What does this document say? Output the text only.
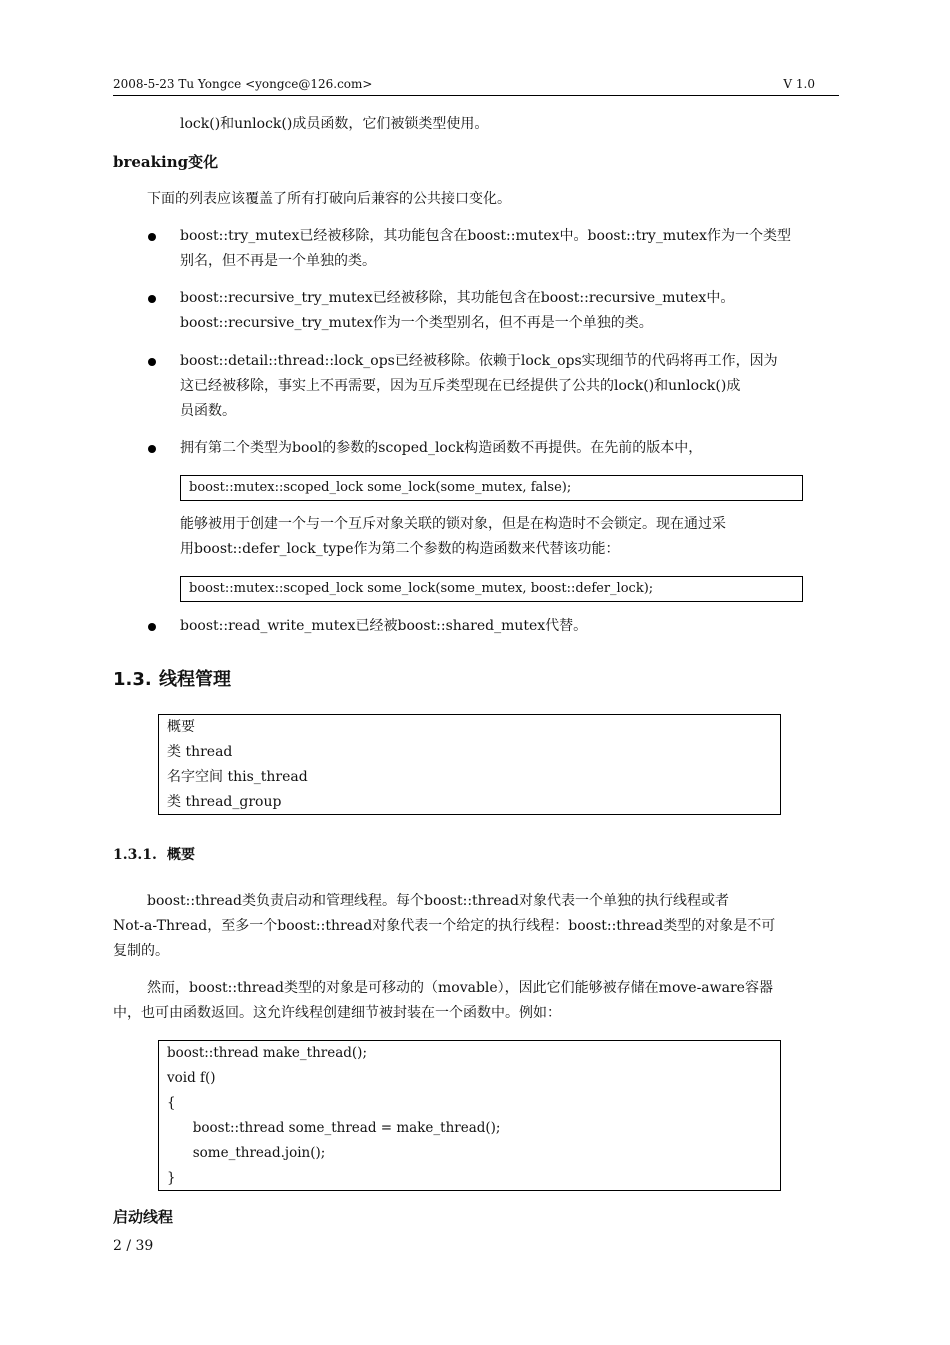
2008-5-23 Tu Yongce <yongce@126.com>	V 1.0
lock()和unlock()成员函数，它们被锁类型使用。
breaking变化
下面的列表应该覆盖了所有打破向后兼容的公共接口变化。
boost::try_mutex已经被移除，其功能包含在boost::mutex中。boost::try_mutex作为一个类型
别名，但不再是一个单独的类。
boost::recursive_try_mutex已经被移除，其功能包含在boost::recursive_mutex中。
boost::recursive_try_mutex作为一个类型别名，但不再是一个单独的类。
boost::detail::thread::lock_ops已经被移除。依赖于lock_ops实现细节的代码将再工作，因为
这已经被移除，事实上不再需要，因为互斥类型现在已经提供了公共的lock()和unlock()成
员函数。
拥有第二个类型为bool的参数的scoped_lock构造函数不再提供。在先前的版本中，
boost::mutex::scoped_lock some_lock(some_mutex, false);
能够被用于创建一个与一个互斥对象关联的锁对象，但是在构造时不会锁定。现在通过采
用boost::defer_lock_type作为第二个参数的构造函数来代替该功能：
boost::mutex::scoped_lock some_lock(some_mutex, boost::defer_lock);
boost::read_write_mutex已经被boost::shared_mutex代替。
1.3. 线程管理
概要
类 thread
名字空间 this_thread
类 thread_group
1.3.1. 概要
boost::thread类负责启动和管理线程。每个boost::thread对象代表一个单独的执行线程或者
Not-a-Thread，至多一个boost::thread对象代表一个给定的执行线程：boost::thread类型的对象是不可
复制的。
然而，boost::thread类型的对象是可移动的（movable），因此它们能够被存储在move-aware容器
中，也可由函数返回。这允许线程创建细节被封装在一个函数中。例如：
boost::thread make_thread();
void f()
{
boost::thread some_thread = make_thread();
some_thread.join();
}
启动线程
2 / 39
